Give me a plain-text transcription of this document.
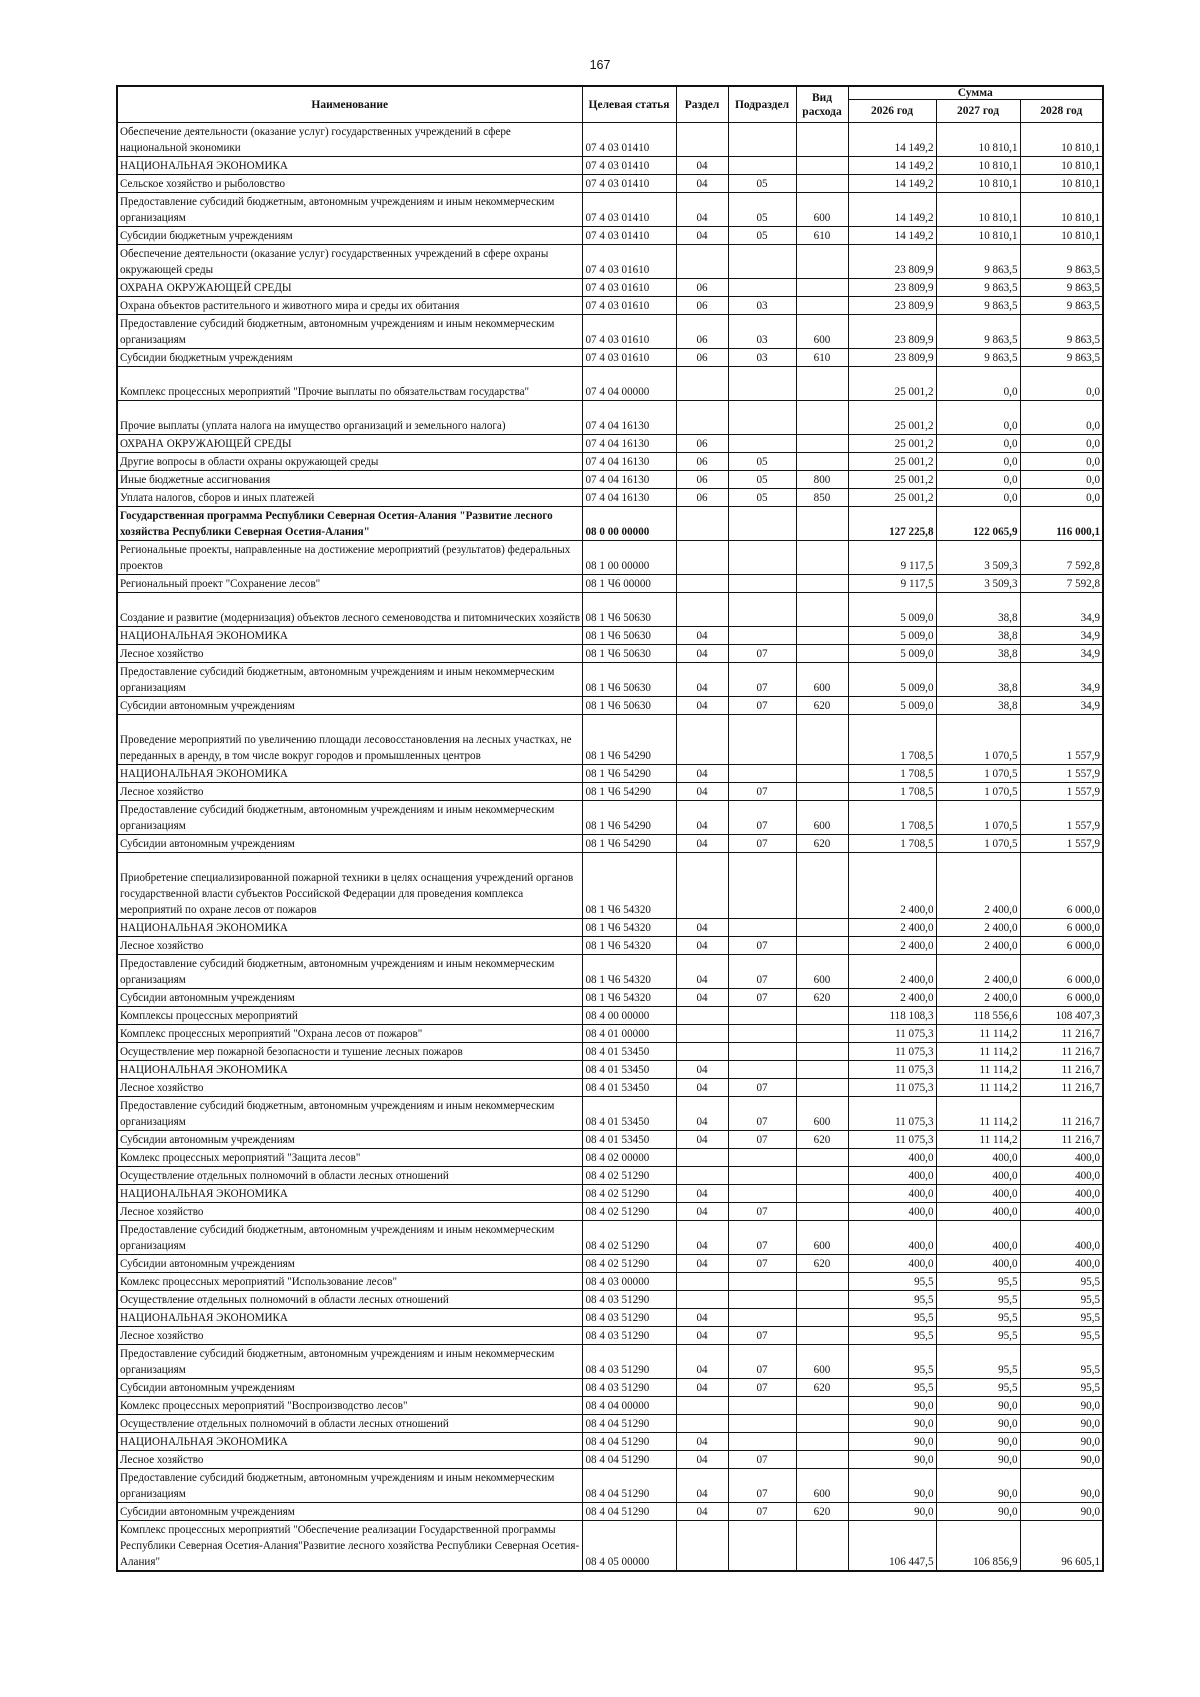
167
Наименование	Целевая статья	Раздел	Подраздел	Вид расхода	Сумма		
					2026 год	2027 год	2028 год
Обеспечение деятельности (оказание услуг) государственных учреждений в сфере национальной экономики	07 4 03 01410				14 149,2	10 810,1	10 810,1
НАЦИОНАЛЬНАЯ ЭКОНОМИКА	07 4 03 01410	04			14 149,2	10 810,1	10 810,1
Сельское хозяйство и рыболовство	07 4 03 01410	04	05		14 149,2	10 810,1	10 810,1
Предоставление субсидий бюджетным, автономным учреждениям и иным некоммерческим организациям	07 4 03 01410	04	05	600	14 149,2	10 810,1	10 810,1
Субсидии бюджетным учреждениям	07 4 03 01410	04	05	610	14 149,2	10 810,1	10 810,1
Обеспечение деятельности (оказание услуг) государственных учреждений в сфере охраны окружающей среды	07 4 03 01610				23 809,9	9 863,5	9 863,5
ОХРАНА ОКРУЖАЮЩЕЙ СРЕДЫ	07 4 03 01610	06			23 809,9	9 863,5	9 863,5
Охрана объектов растительного и животного мира и среды их обитания	07 4 03 01610	06	03		23 809,9	9 863,5	9 863,5
Предоставление субсидий бюджетным, автономным учреждениям и иным некоммерческим организациям	07 4 03 01610	06	03	600	23 809,9	9 863,5	9 863,5
Субсидии бюджетным учреждениям	07 4 03 01610	06	03	610	23 809,9	9 863,5	9 863,5
Комплекс процессных мероприятий "Прочие выплаты по обязательствам государства"	07 4 04 00000				25 001,2	0,0	0,0
Прочие выплаты (уплата налога на имущество организаций и земельного налога)	07 4 04 16130				25 001,2	0,0	0,0
ОХРАНА ОКРУЖАЮЩЕЙ СРЕДЫ	07 4 04 16130	06			25 001,2	0,0	0,0
Другие вопросы в области охраны окружающей среды	07 4 04 16130	06	05		25 001,2	0,0	0,0
Иные бюджетные ассигнования	07 4 04 16130	06	05	800	25 001,2	0,0	0,0
Уплата налогов, сборов и иных платежей	07 4 04 16130	06	05	850	25 001,2	0,0	0,0
Государственная программа Республики Северная Осетия-Алания "Развитие лесного хозяйства Республики Северная Осетия-Алания"	08 0 00 00000				127 225,8	122 065,9	116 000,1
Региональные проекты, направленные на достижение мероприятий (результатов) федеральных проектов	08 1 00 00000				9 117,5	3 509,3	7 592,8
Региональный проект "Сохранение лесов"	08 1 Ч6 00000				9 117,5	3 509,3	7 592,8
Создание и развитие (модернизация) объектов лесного семеноводства и питомнических хозяйств	08 1 Ч6 50630				5 009,0	38,8	34,9
НАЦИОНАЛЬНАЯ ЭКОНОМИКА	08 1 Ч6 50630	04			5 009,0	38,8	34,9
Лесное хозяйство	08 1 Ч6 50630	04	07		5 009,0	38,8	34,9
Предоставление субсидий бюджетным, автономным учреждениям и иным некоммерческим организациям	08 1 Ч6 50630	04	07	600	5 009,0	38,8	34,9
Субсидии автономным учреждениям	08 1 Ч6 50630	04	07	620	5 009,0	38,8	34,9
Проведение мероприятий по увеличению площади лесовосстановления на лесных участках, не переданных в аренду, в том числе вокруг городов и промышленных центров	08 1 Ч6 54290				1 708,5	1 070,5	1 557,9
НАЦИОНАЛЬНАЯ ЭКОНОМИКА	08 1 Ч6 54290	04			1 708,5	1 070,5	1 557,9
Лесное хозяйство	08 1 Ч6 54290	04	07		1 708,5	1 070,5	1 557,9
Предоставление субсидий бюджетным, автономным учреждениям и иным некоммерческим организациям	08 1 Ч6 54290	04	07	600	1 708,5	1 070,5	1 557,9
Субсидии автономным учреждениям	08 1 Ч6 54290	04	07	620	1 708,5	1 070,5	1 557,9
Приобретение специализированной пожарной техники в целях оснащения учреждений органов государственной власти субъектов Российской Федерации для проведения комплекса мероприятий по охране лесов от пожаров	08 1 Ч6 54320				2 400,0	2 400,0	6 000,0
НАЦИОНАЛЬНАЯ ЭКОНОМИКА	08 1 Ч6 54320	04			2 400,0	2 400,0	6 000,0
Лесное хозяйство	08 1 Ч6 54320	04	07		2 400,0	2 400,0	6 000,0
Предоставление субсидий бюджетным, автономным учреждениям и иным некоммерческим организациям	08 1 Ч6 54320	04	07	600	2 400,0	2 400,0	6 000,0
Субсидии автономным учреждениям	08 1 Ч6 54320	04	07	620	2 400,0	2 400,0	6 000,0
Комплексы процессных мероприятий	08 4 00 00000				118 108,3	118 556,6	108 407,3
Комплекс процессных мероприятий "Охрана лесов от пожаров"	08 4 01 00000				11 075,3	11 114,2	11 216,7
Осуществление мер пожарной безопасности и тушение лесных пожаров	08 4 01 53450				11 075,3	11 114,2	11 216,7
НАЦИОНАЛЬНАЯ ЭКОНОМИКА	08 4 01 53450	04			11 075,3	11 114,2	11 216,7
Лесное хозяйство	08 4 01 53450	04	07		11 075,3	11 114,2	11 216,7
Предоставление субсидий бюджетным, автономным учреждениям и иным некоммерческим организациям	08 4 01 53450	04	07	600	11 075,3	11 114,2	11 216,7
Субсидии автономным учреждениям	08 4 01 53450	04	07	620	11 075,3	11 114,2	11 216,7
Комлекс процессных мероприятий "Защита лесов"	08 4 02 00000				400,0	400,0	400,0
Осуществление отдельных полномочий в области лесных отношений	08 4 02 51290				400,0	400,0	400,0
НАЦИОНАЛЬНАЯ ЭКОНОМИКА	08 4 02 51290	04			400,0	400,0	400,0
Лесное хозяйство	08 4 02 51290	04	07		400,0	400,0	400,0
Предоставление субсидий бюджетным, автономным учреждениям и иным некоммерческим организациям	08 4 02 51290	04	07	600	400,0	400,0	400,0
Субсидии автономным учреждениям	08 4 02 51290	04	07	620	400,0	400,0	400,0
Комлекс процессных мероприятий "Использование лесов"	08 4 03 00000				95,5	95,5	95,5
Осуществление отдельных полномочий в области лесных отношений	08 4 03 51290				95,5	95,5	95,5
НАЦИОНАЛЬНАЯ ЭКОНОМИКА	08 4 03 51290	04			95,5	95,5	95,5
Лесное хозяйство	08 4 03 51290	04	07		95,5	95,5	95,5
Предоставление субсидий бюджетным, автономным учреждениям и иным некоммерческим организациям	08 4 03 51290	04	07	600	95,5	95,5	95,5
Субсидии автономным учреждениям	08 4 03 51290	04	07	620	95,5	95,5	95,5
Комлекс процессных мероприятий "Воспроизводство лесов"	08 4 04 00000				90,0	90,0	90,0
Осуществление отдельных полномочий в области лесных отношений	08 4 04 51290				90,0	90,0	90,0
НАЦИОНАЛЬНАЯ ЭКОНОМИКА	08 4 04 51290	04			90,0	90,0	90,0
Лесное хозяйство	08 4 04 51290	04	07		90,0	90,0	90,0
Предоставление субсидий бюджетным, автономным учреждениям и иным некоммерческим организациям	08 4 04 51290	04	07	600	90,0	90,0	90,0
Субсидии автономным учреждениям	08 4 04 51290	04	07	620	90,0	90,0	90,0
Комплекс процессных мероприятий "Обеспечение реализации Государственной программы Республики Северная Осетия-Алания"Развитие лесного хозяйства Республики Северная Осетия-Алания"	08 4 05 00000				106 447,5	106 856,9	96 605,1
